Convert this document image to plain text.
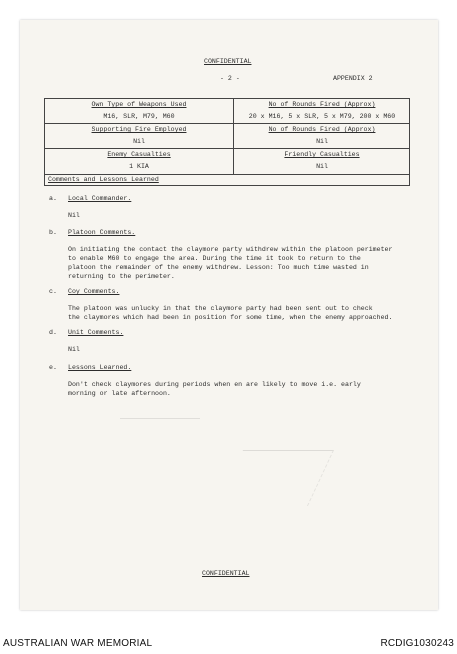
CONFIDENTIAL
- 2 -	APPENDIX 2
Own Type of Weapons Used
M16, SLR, M79, M60
No of Rounds Fired (Approx)
20 x M16, 5 x SLR, 5 x M79, 200 x M60
Supporting Fire Employed
Nil
No of Rounds Fired (Approx)
Nil
Enemy Casualties
1 KIA
Friendly Casualties
Nil
Comments and Lessons Learned
a. Local Commander.
Nil
b. Platoon Comments.
On initiating the contact the claymore party withdrew within the platoon perimeter
to enable M60 to engage the area. During the time it took to return to the
platoon the remainder of the enemy withdrew. Lesson: Too much time wasted in
returning to the perimeter.
c. Coy Comments.
The platoon was unlucky in that the claymore party had been sent out to check
the claymores which had been in position for some time, when the enemy approached.
d. Unit Comments.
Nil
e. Lessons Learned.
Don't check claymores during periods when en are likely to move i.e. early
morning or late afternoon.
CONFIDENTIAL
AUSTRALIAN WAR MEMORIAL	RCDIG1030243
